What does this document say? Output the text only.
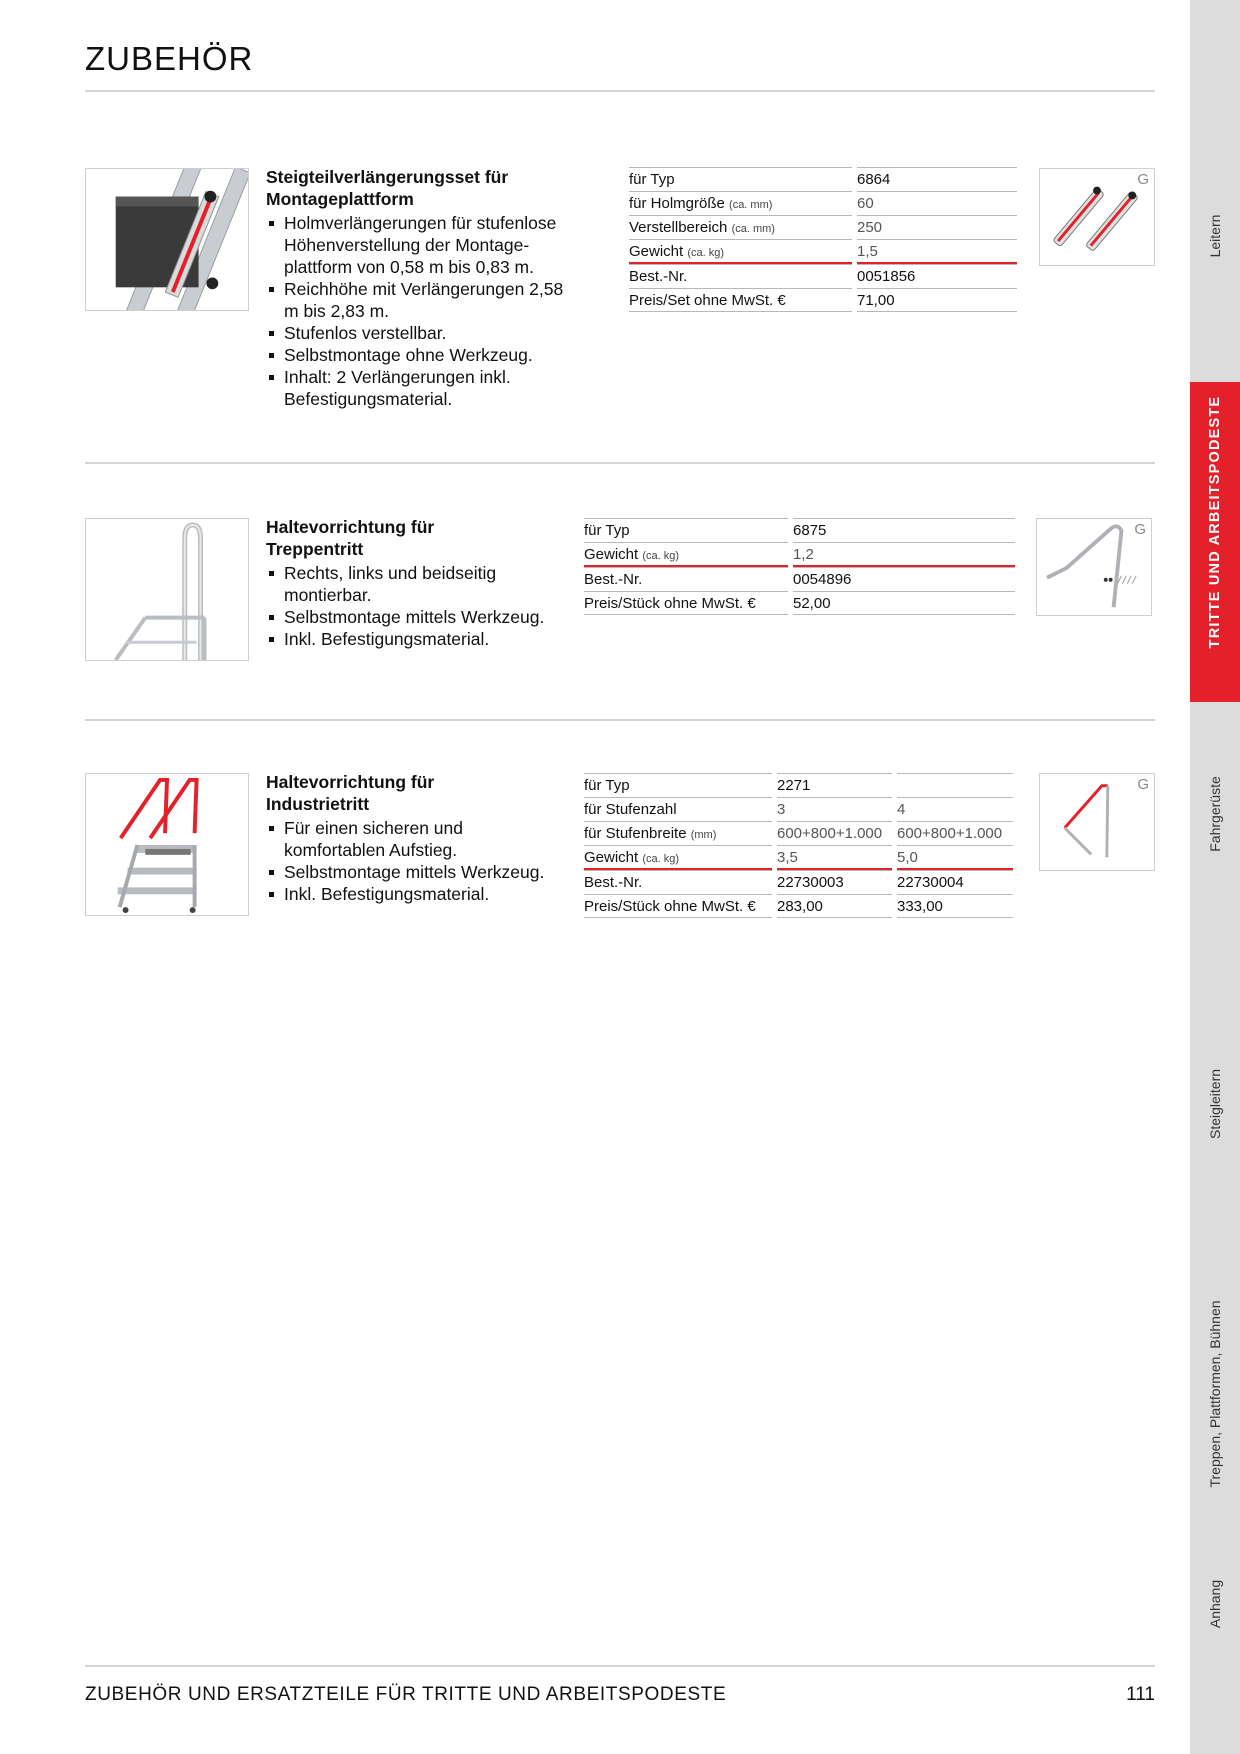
ZUBEHÖR
Steigteilverlängerungsset für Montageplattform
Holmverlängerungen für stufenlose Höhenverstellung der Montage-plattform von 0,58 m bis 0,83 m.
Reichhöhe mit Verlängerungen 2,58 m bis 2,83 m.
Stufenlos verstellbar.
Selbstmontage ohne Werkzeug.
Inhalt: 2 Verlängerungen inkl. Befestigungsmaterial.
für Typ	6864
für Holmgröße (ca. mm)	60
Verstellbereich (ca. mm)	250
Gewicht (ca. kg)	1,5
Best.-Nr.	0051856
Preis/Set ohne MwSt. €	71,00
G
Haltevorrichtung für Treppentritt
Rechts, links und beidseitig montierbar.
Selbstmontage mittels Werkzeug.
Inkl. Befestigungsmaterial.
für Typ	6875
Gewicht (ca. kg)	1,2
Best.-Nr.	0054896
Preis/Stück ohne MwSt. €	52,00
G
Haltevorrichtung für Industrietritt
Für einen sicheren und komfortablen Aufstieg.
Selbstmontage mittels Werkzeug.
Inkl. Befestigungsmaterial.
für Typ	2271	
für Stufenzahl	3	4
für Stufenbreite (mm)	600+800+1.000	600+800+1.000
Gewicht (ca. kg)	3,5	5,0
Best.-Nr.	22730003	22730004
Preis/Stück ohne MwSt. €	283,00	333,00
G
ZUBEHÖR UND ERSATZTEILE FÜR TRITTE UND ARBEITSPODESTE	111
Leitern
TRITTE UND ARBEITSPODESTE
Fahrgerüste
Steigleitern
Treppen, Plattformen, Bühnen
Anhang
